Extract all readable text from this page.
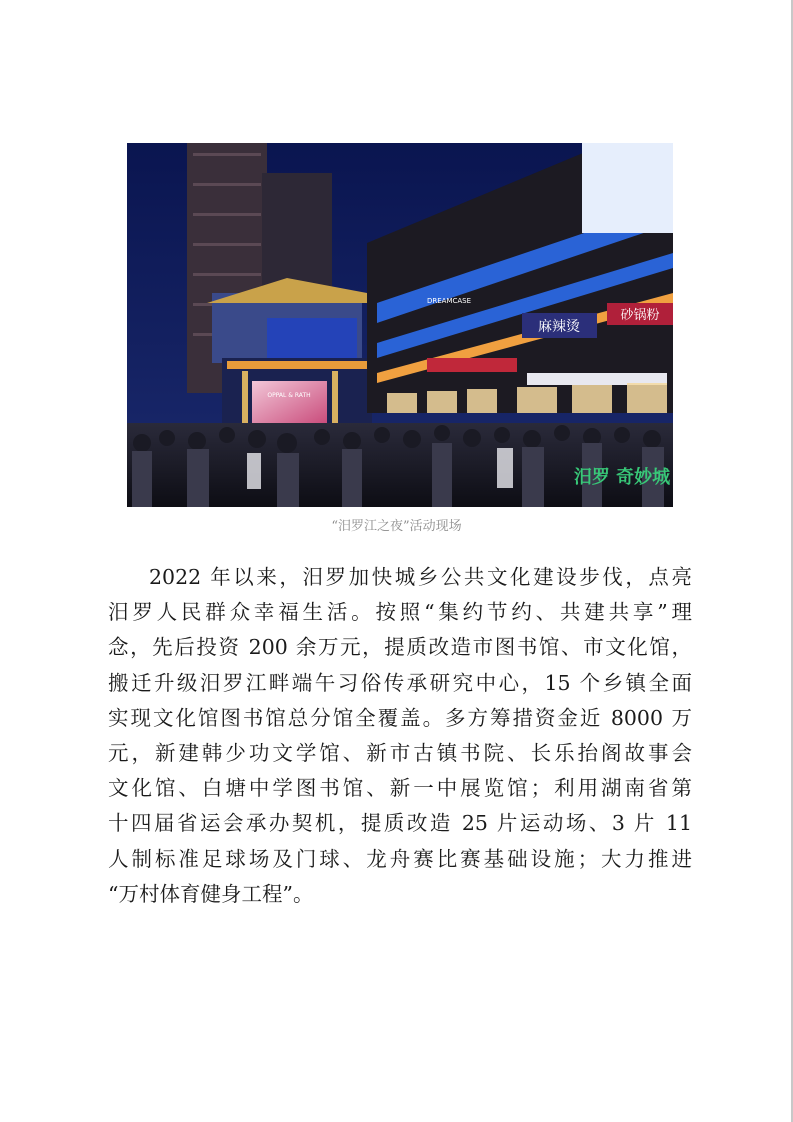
OPPAL & RATH
麻辣烫
砂锅粉
DREAMCASE
汨罗 奇妙城
“汨罗江之夜”活动现场
2022 年以来，汨罗加快城乡公共文化建设步伐，点亮
汨罗人民群众幸福生活。按照“集约节约、共建共享”理
念，先后投资 200 余万元，提质改造市图书馆、市文化馆，
搬迁升级汨罗江畔端午习俗传承研究中心，15 个乡镇全面
实现文化馆图书馆总分馆全覆盖。多方筹措资金近 8000 万
元，新建韩少功文学馆、新市古镇书院、长乐抬阁故事会
文化馆、白塘中学图书馆、新一中展览馆；利用湖南省第
十四届省运会承办契机，提质改造 25 片运动场、3 片 11
人制标准足球场及门球、龙舟赛比赛基础设施；大力推进
“万村体育健身工程”。
